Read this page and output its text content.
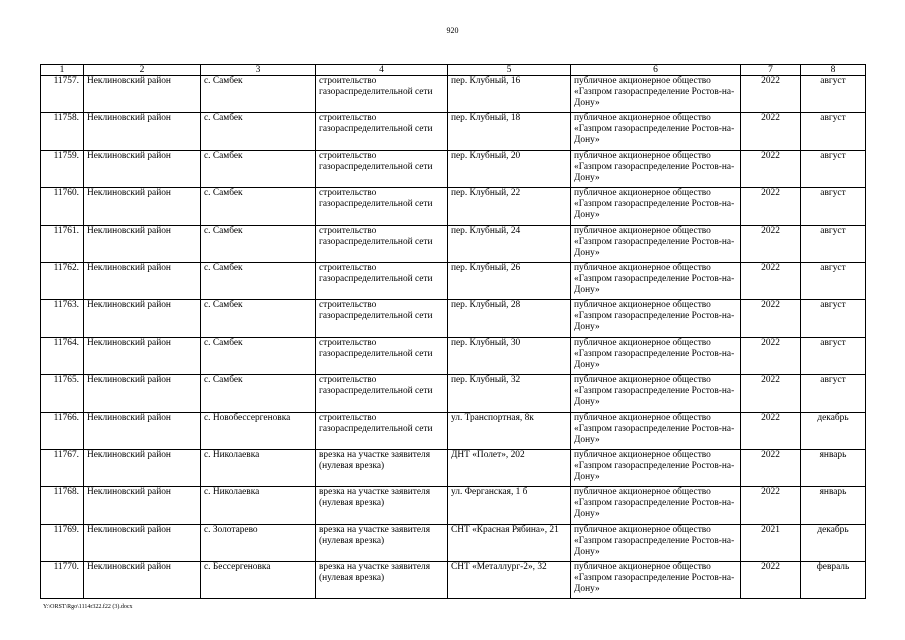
920
1	2	3	4	5	6	7	8
11757.	Неклиновский район	с. Самбек	строительство газораспределительной сети	пер. Клубный, 16	публичное акционерное общество «Газпром газораспределение Ростов-на-Дону»	2022	август
11758.	Неклиновский район	с. Самбек	строительство газораспределительной сети	пер. Клубный, 18	публичное акционерное общество «Газпром газораспределение Ростов-на-Дону»	2022	август
11759.	Неклиновский район	с. Самбек	строительство газораспределительной сети	пер. Клубный, 20	публичное акционерное общество «Газпром газораспределение Ростов-на-Дону»	2022	август
11760.	Неклиновский район	с. Самбек	строительство газораспределительной сети	пер. Клубный, 22	публичное акционерное общество «Газпром газораспределение Ростов-на-Дону»	2022	август
11761.	Неклиновский район	с. Самбек	строительство газораспределительной сети	пер. Клубный, 24	публичное акционерное общество «Газпром газораспределение Ростов-на-Дону»	2022	август
11762.	Неклиновский район	с. Самбек	строительство газораспределительной сети	пер. Клубный, 26	публичное акционерное общество «Газпром газораспределение Ростов-на-Дону»	2022	август
11763.	Неклиновский район	с. Самбек	строительство газораспределительной сети	пер. Клубный, 28	публичное акционерное общество «Газпром газораспределение Ростов-на-Дону»	2022	август
11764.	Неклиновский район	с. Самбек	строительство газораспределительной сети	пер. Клубный, 30	публичное акционерное общество «Газпром газораспределение Ростов-на-Дону»	2022	август
11765.	Неклиновский район	с. Самбек	строительство газораспределительной сети	пер. Клубный, 32	публичное акционерное общество «Газпром газораспределение Ростов-на-Дону»	2022	август
11766.	Неклиновский район	с. Новобессергеновка	строительство газораспределительной сети	ул. Транспортная, 8к	публичное акционерное общество «Газпром газораспределение Ростов-на-Дону»	2022	декабрь
11767.	Неклиновский район	с. Николаевка	врезка на участке заявителя (нулевая врезка)	ДНТ «Полет», 202	публичное акционерное общество «Газпром газораспределение Ростов-на-Дону»	2022	январь
11768.	Неклиновский район	с. Николаевка	врезка на участке заявителя (нулевая врезка)	ул. Ферганская, 1 б	публичное акционерное общество «Газпром газораспределение Ростов-на-Дону»	2022	январь
11769.	Неклиновский район	с. Золотарево	врезка на участке заявителя (нулевая врезка)	СНТ «Красная Рябина», 21	публичное акционерное общество «Газпром газораспределение Ростов-на-Дону»	2021	декабрь
11770.	Неклиновский район	с. Бессергеновка	врезка на участке заявителя (нулевая врезка)	СНТ «Металлург-2», 32	публичное акционерное общество «Газпром газораспределение Ростов-на-Дону»	2022	февраль
Y:\ORST\Rgo\1114r322.f22 (3).docx
